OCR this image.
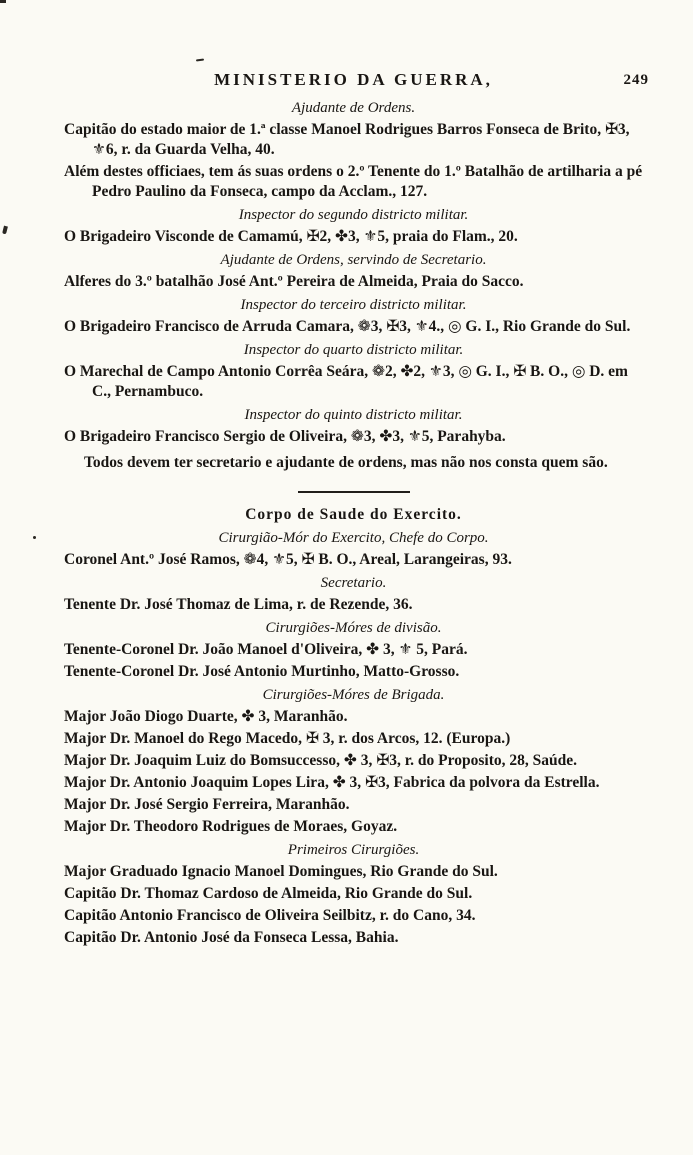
MINISTERIO DA GUERRA,	249
Ajudante de Ordens.
Capitão do estado maior de 1.ª classe Manoel Rodrigues Barros Fonseca de Brito, ✠3, ⚜6, r. da Guarda Velha, 40.
Além destes officiaes, tem ás suas ordens o 2.º Tenente do 1.º Batalhão de artilharia a pé Pedro Paulino da Fonseca, campo da Acclam., 127.
Inspector do segundo districto militar.
O Brigadeiro Visconde de Camamú, ✠2, ✤3, ⚜5, praia do Flam., 20.
Ajudante de Ordens, servindo de Secretario.
Alferes do 3.º batalhão José Ant.º Pereira de Almeida, Praia do Sacco.
Inspector do terceiro districto militar.
O Brigadeiro Francisco de Arruda Camara, ❁3, ✠3, ⚜4., ◎ G. I., Rio Grande do Sul.
Inspector do quarto districto militar.
O Marechal de Campo Antonio Corrêa Seára, ❁2, ✤2, ⚜3, ◎ G. I., ✠ B. O., ◎ D. em C., Pernambuco.
Inspector do quinto districto militar.
O Brigadeiro Francisco Sergio de Oliveira, ❁3, ✤3, ⚜5, Parahyba.
Todos devem ter secretario e ajudante de ordens, mas não nos consta quem são.
Corpo de Saude do Exercito.
Cirurgião-Mór do Exercito, Chefe do Corpo.
Coronel Ant.º José Ramos, ❁4, ⚜5, ✠ B. O., Areal, Larangeiras, 93.
Secretario.
Tenente Dr. José Thomaz de Lima, r. de Rezende, 36.
Cirurgiões-Móres de divisão.
Tenente-Coronel Dr. João Manoel d'Oliveira, ✤ 3, ⚜ 5, Pará.
Tenente-Coronel Dr. José Antonio Murtinho, Matto-Grosso.
Cirurgiões-Móres de Brigada.
Major João Diogo Duarte, ✤ 3, Maranhão.
Major Dr. Manoel do Rego Macedo, ✠ 3, r. dos Arcos, 12. (Europa.)
Major Dr. Joaquim Luiz do Bomsuccesso, ✤ 3, ✠3, r. do Proposito, 28, Saúde.
Major Dr. Antonio Joaquim Lopes Lira, ✤ 3, ✠3, Fabrica da polvora da Estrella.
Major Dr. José Sergio Ferreira, Maranhão.
Major Dr. Theodoro Rodrigues de Moraes, Goyaz.
Primeiros Cirurgiões.
Major Graduado Ignacio Manoel Domingues, Rio Grande do Sul.
Capitão Dr. Thomaz Cardoso de Almeida, Rio Grande do Sul.
Capitão Antonio Francisco de Oliveira Seilbitz, r. do Cano, 34.
Capitão Dr. Antonio José da Fonseca Lessa, Bahia.
